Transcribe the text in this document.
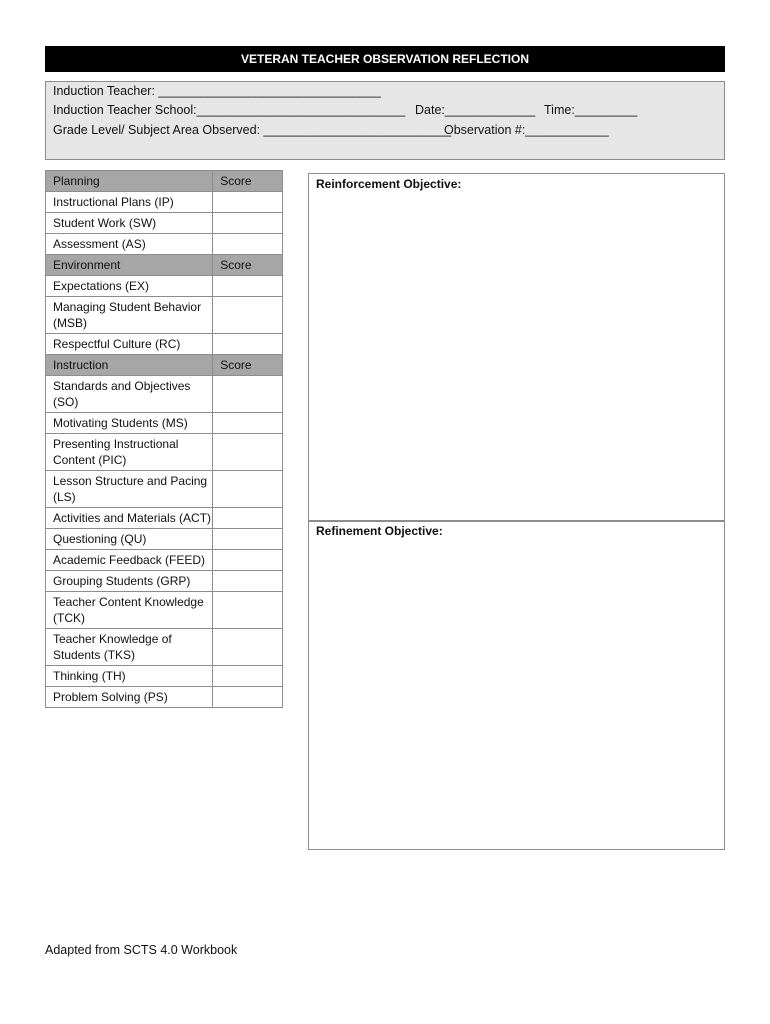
VETERAN TEACHER OBSERVATION REFLECTION
Induction Teacher: ________________________________
Induction Teacher School:______________________________ Date:_____________ Time:_________
Grade Level/ Subject Area Observed: ___________________________
Observation #:____________
Planning	Score
Instructional Plans (IP)	
Student Work (SW)	
Assessment (AS)	
Environment	Score
Expectations (EX)	
Managing Student Behavior (MSB)	
Respectful Culture (RC)	
Instruction	Score
Standards and Objectives (SO)	
Motivating Students (MS)	
Presenting Instructional Content (PIC)	
Lesson Structure and Pacing (LS)	
Activities and Materials (ACT)	
Questioning (QU)	
Academic Feedback (FEED)	
Grouping Students (GRP)	
Teacher Content Knowledge (TCK)	
Teacher Knowledge of Students (TKS)	
Thinking (TH)	
Problem Solving (PS)	
Reinforcement Objective:
Refinement Objective:
Adapted from SCTS 4.0 Workbook
